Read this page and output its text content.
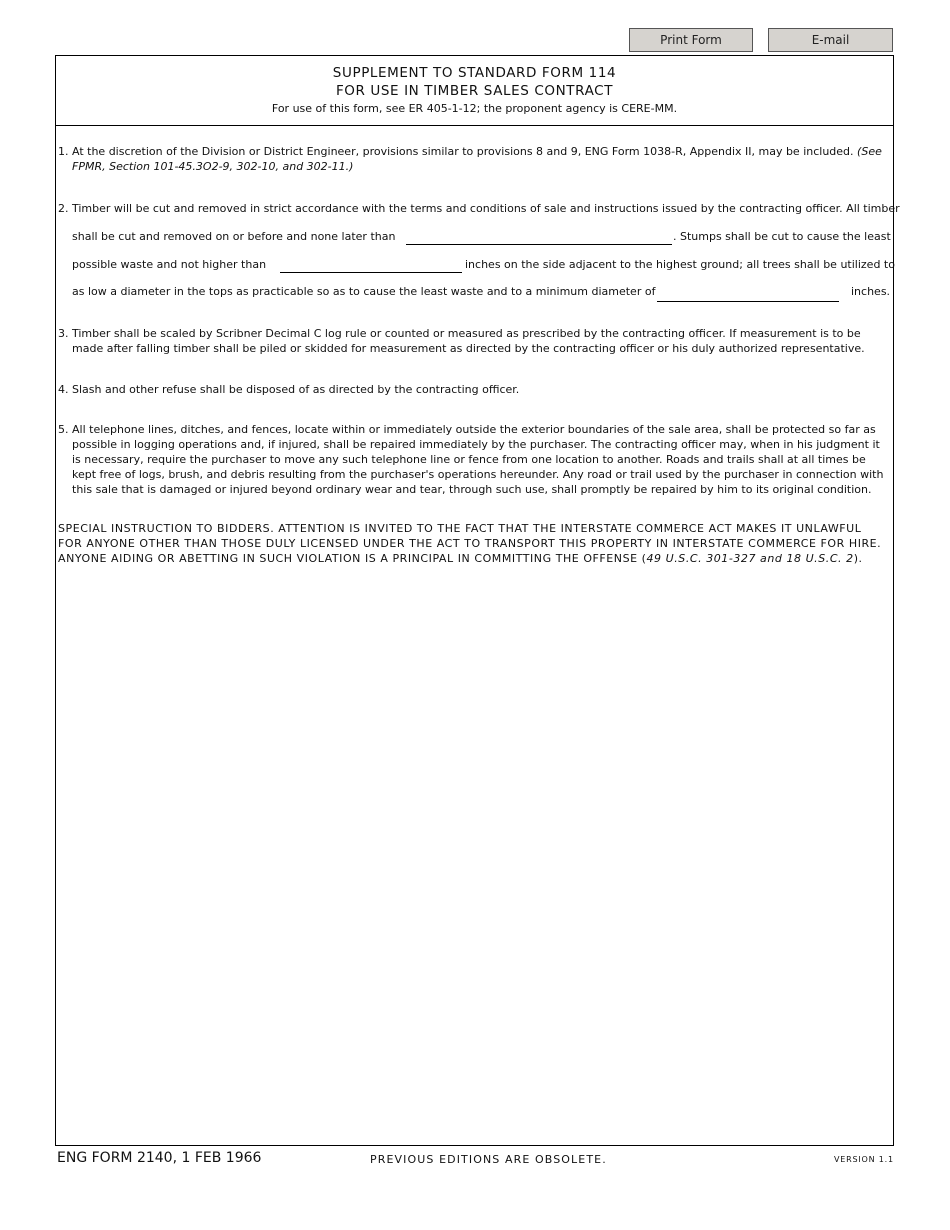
Print Form	E-mail
SUPPLEMENT TO STANDARD FORM 114
FOR USE IN TIMBER SALES CONTRACT
For use of this form, see ER 405-1-12; the proponent agency is CERE-MM.
1. At the discretion of the Division or District Engineer, provisions similar to provisions 8 and 9, ENG Form 1038-R, Appendix II, may be included. (See FPMR, Section 101-45.3O2-9, 302-10, and 302-11.)
2. Timber will be cut and removed in strict accordance with the terms and conditions of sale and instructions issued by the contracting officer. All timber
shall be cut and removed on or before and none later than	. Stumps shall be cut to cause the least
possible waste and not higher than	inches on the side adjacent to the highest ground; all trees shall be utilized to
as low a diameter in the tops as practicable so as to cause the least waste and to a minimum diameter of	inches.
3. Timber shall be scaled by Scribner Decimal C log rule or counted or measured as prescribed by the contracting officer. If measurement is to be made after falling timber shall be piled or skidded for measurement as directed by the contracting officer or his duly authorized representative.
4. Slash and other refuse shall be disposed of as directed by the contracting officer.
5. All telephone lines, ditches, and fences, locate within or immediately outside the exterior boundaries of the sale area, shall be protected so far as possible in logging operations and, if injured, shall be repaired immediately by the purchaser. The contracting officer may, when in his judgment it is necessary, require the purchaser to move any such telephone line or fence from one location to another. Roads and trails shall at all times be kept free of logs, brush, and debris resulting from the purchaser's operations hereunder. Any road or trail used by the purchaser in connection with this sale that is damaged or injured beyond ordinary wear and tear, through such use, shall promptly be repaired by him to its original condition.
SPECIAL INSTRUCTION TO BIDDERS. ATTENTION IS INVITED TO THE FACT THAT THE INTERSTATE COMMERCE ACT MAKES IT UNLAWFUL FOR ANYONE OTHER THAN THOSE DULY LICENSED UNDER THE ACT TO TRANSPORT THIS PROPERTY IN INTERSTATE COMMERCE FOR HIRE. ANYONE AIDING OR ABETTING IN SUCH VIOLATION IS A PRINCIPAL IN COMMITTING THE OFFENSE (49 U.S.C. 301-327 and 18 U.S.C. 2).
ENG FORM 2140, 1 FEB 1966	PREVIOUS EDITIONS ARE OBSOLETE.	VERSION 1.1
